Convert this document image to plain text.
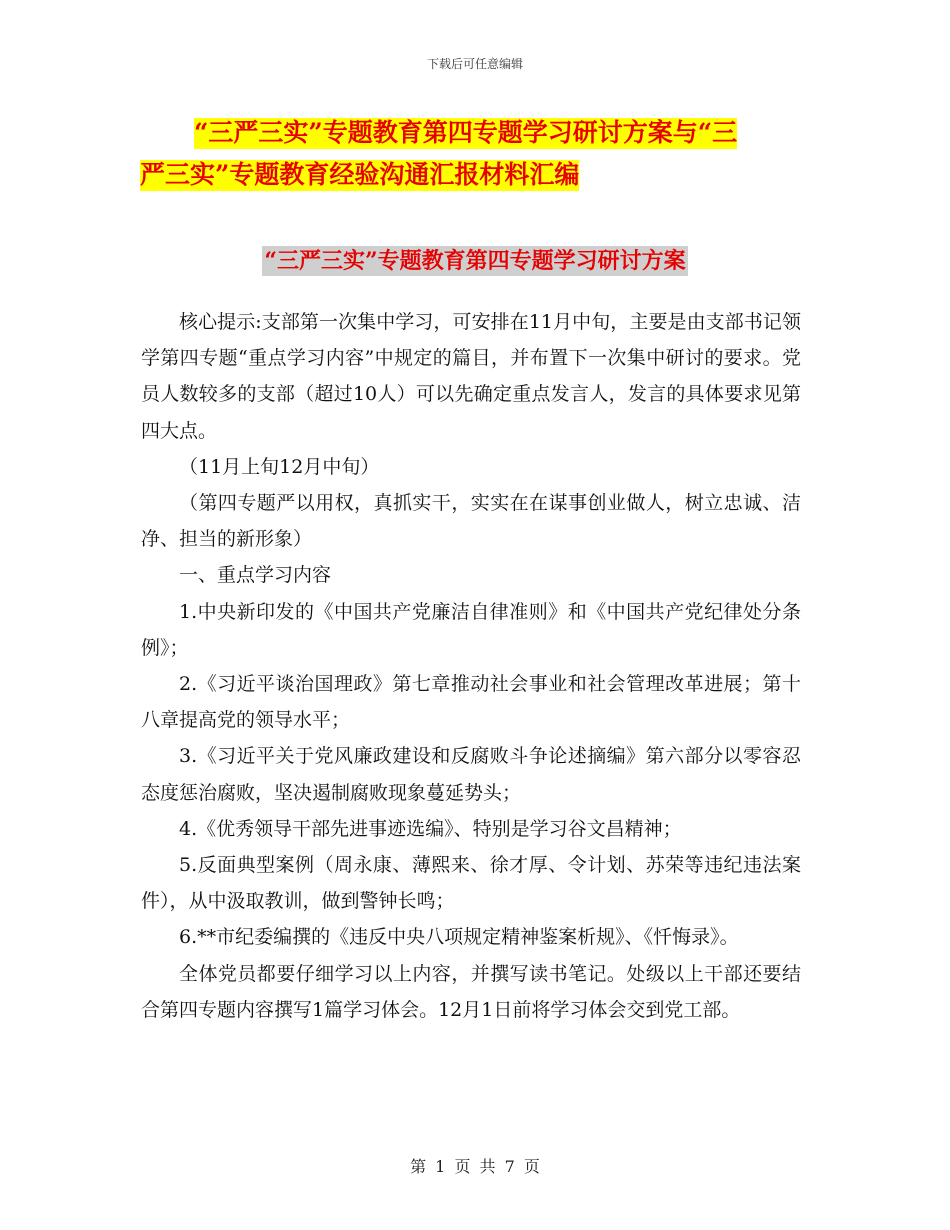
下载后可任意编辑
“三严三实”专题教育第四专题学习研讨方案与“三
严三实”专题教育经验沟通汇报材料汇编
“三严三实”专题教育第四专题学习研讨方案

核心提示:支部第一次集中学习，可安排在11月中旬，主要是由支部书记领学第四专题“重点学习内容”中规定的篇目，并布置下一次集中研讨的要求。党员人数较多的支部（超过10人）可以先确定重点发言人，发言的具体要求见第四大点。

（11月上旬12月中旬）

（第四专题严以用权，真抓实干，实实在在谋事创业做人，树立忠诚、洁净、担当的新形象）

一、重点学习内容

1.中央新印发的《中国共产党廉洁自律准则》和《中国共产党纪律处分条例》；

2.《习近平谈治国理政》第七章推动社会事业和社会管理改革进展；第十八章提高党的领导水平；

3.《习近平关于党风廉政建设和反腐败斗争论述摘编》第六部分以零容忍态度惩治腐败，坚决遏制腐败现象蔓延势头；

4.《优秀领导干部先进事迹选编》、特别是学习谷文昌精神；

5.反面典型案例（周永康、薄熙来、徐才厚、令计划、苏荣等违纪违法案件），从中汲取教训，做到警钟长鸣；

6.**市纪委编撰的《违反中央八项规定精神鉴案析规》、《忏悔录》。

全体党员都要仔细学习以上内容，并撰写读书笔记。处级以上干部还要结合第四专题内容撰写1篇学习体会。12月1日前将学习体会交到党工部。

第 1 页 共 7 页
